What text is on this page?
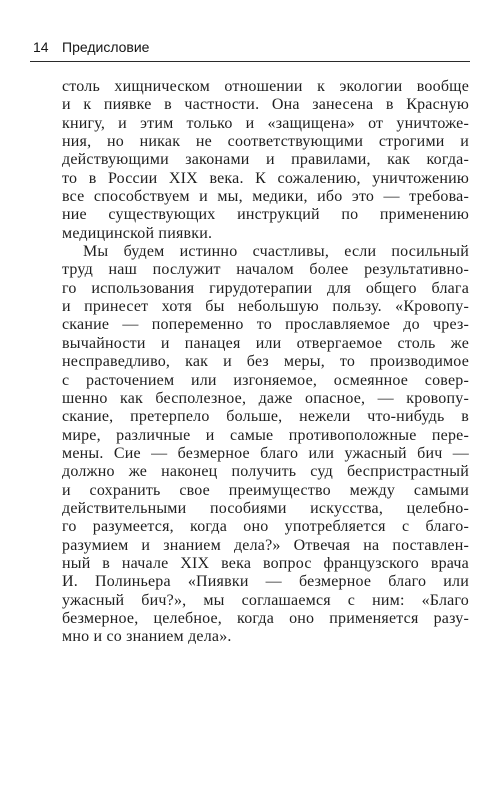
14 Предисловие
столь хищническом отношении к экологии вообще
и к пиявке в частности. Она занесена в Красную
книгу, и этим только и «защищена» от уничтоже-
ния, но никак не соответствующими строгими и
действующими законами и правилами, как когда-
то в России XIX века. К сожалению, уничтожению
все способствуем и мы, медики, ибо это — требова-
ние существующих инструкций по применению
медицинской пиявки.
Мы будем истинно счастливы, если посильный
труд наш послужит началом более результативно-
го использования гирудотерапии для общего блага
и принесет хотя бы небольшую пользу. «Кровопу-
скание — попеременно то прославляемое до чрез-
вычайности и панацея или отвергаемое столь же
несправедливо, как и без меры, то производимое
с расточением или изгоняемое, осмеянное совер-
шенно как бесполезное, даже опасное, — кровопу-
скание, претерпело больше, нежели что-нибудь в
мире, различные и самые противоположные пере-
мены. Сие — безмерное благо или ужасный бич —
должно же наконец получить суд беспристрастный
и сохранить свое преимущество между самыми
действительными пособиями искусства, целебно-
го разумеется, когда оно употребляется с благо-
разумием и знанием дела?» Отвечая на поставлен-
ный в начале XIX века вопрос французского врача
И. Полиньера «Пиявки — безмерное благо или
ужасный бич?», мы соглашаемся с ним: «Благо
безмерное, целебное, когда оно применяется разу-
мно и со знанием дела».
